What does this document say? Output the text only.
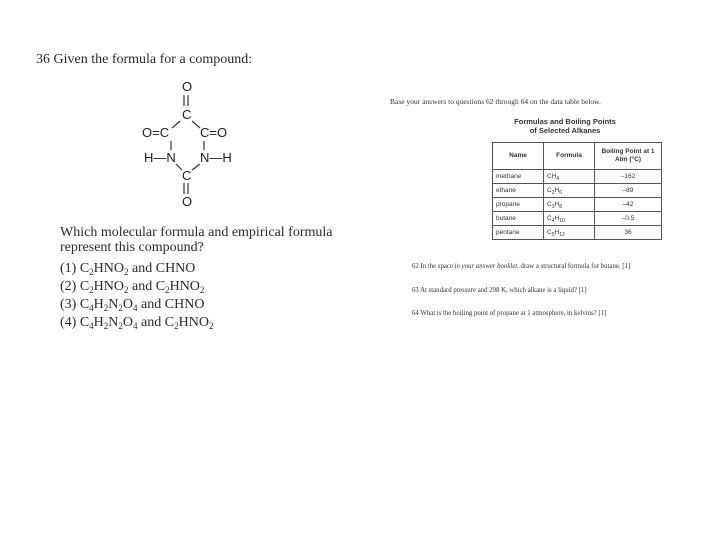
36 Given the formula for a compound:
O
C
O=C C=O
H—N N—H
C
O
Which molecular formula and empirical formula represent this compound?
(1) $C_2HNO_2$ and CHNO
(2) $C_2HNO_2$ and $C_2HNO_2$
(3) $C_4H_2N_2O_4$ and CHNO
(4) $C_4H_2N_2O_4$ and $C_2HNO_2$
Base your answers to questions 62 through 64 on the data table below.
Formulas and Boiling Points
of Selected Alkanes
Name	Formula	Boiling Point at 1 Atm (°C)
methane	$CH_4$	–162
ethane	$C_2H_6$	–89
propane	$C_3H_8$	–42
butane	$C_4H_{10}$	–0.5
pentane	$C_5H_{12}$	36
62 In the space in your answer booklet, draw a structural formula for butane. [1]
63 At standard pressure and 298 K, which alkane is a liquid? [1]
64 What is the boiling point of propane at 1 atmosphere, in kelvins? [1]
